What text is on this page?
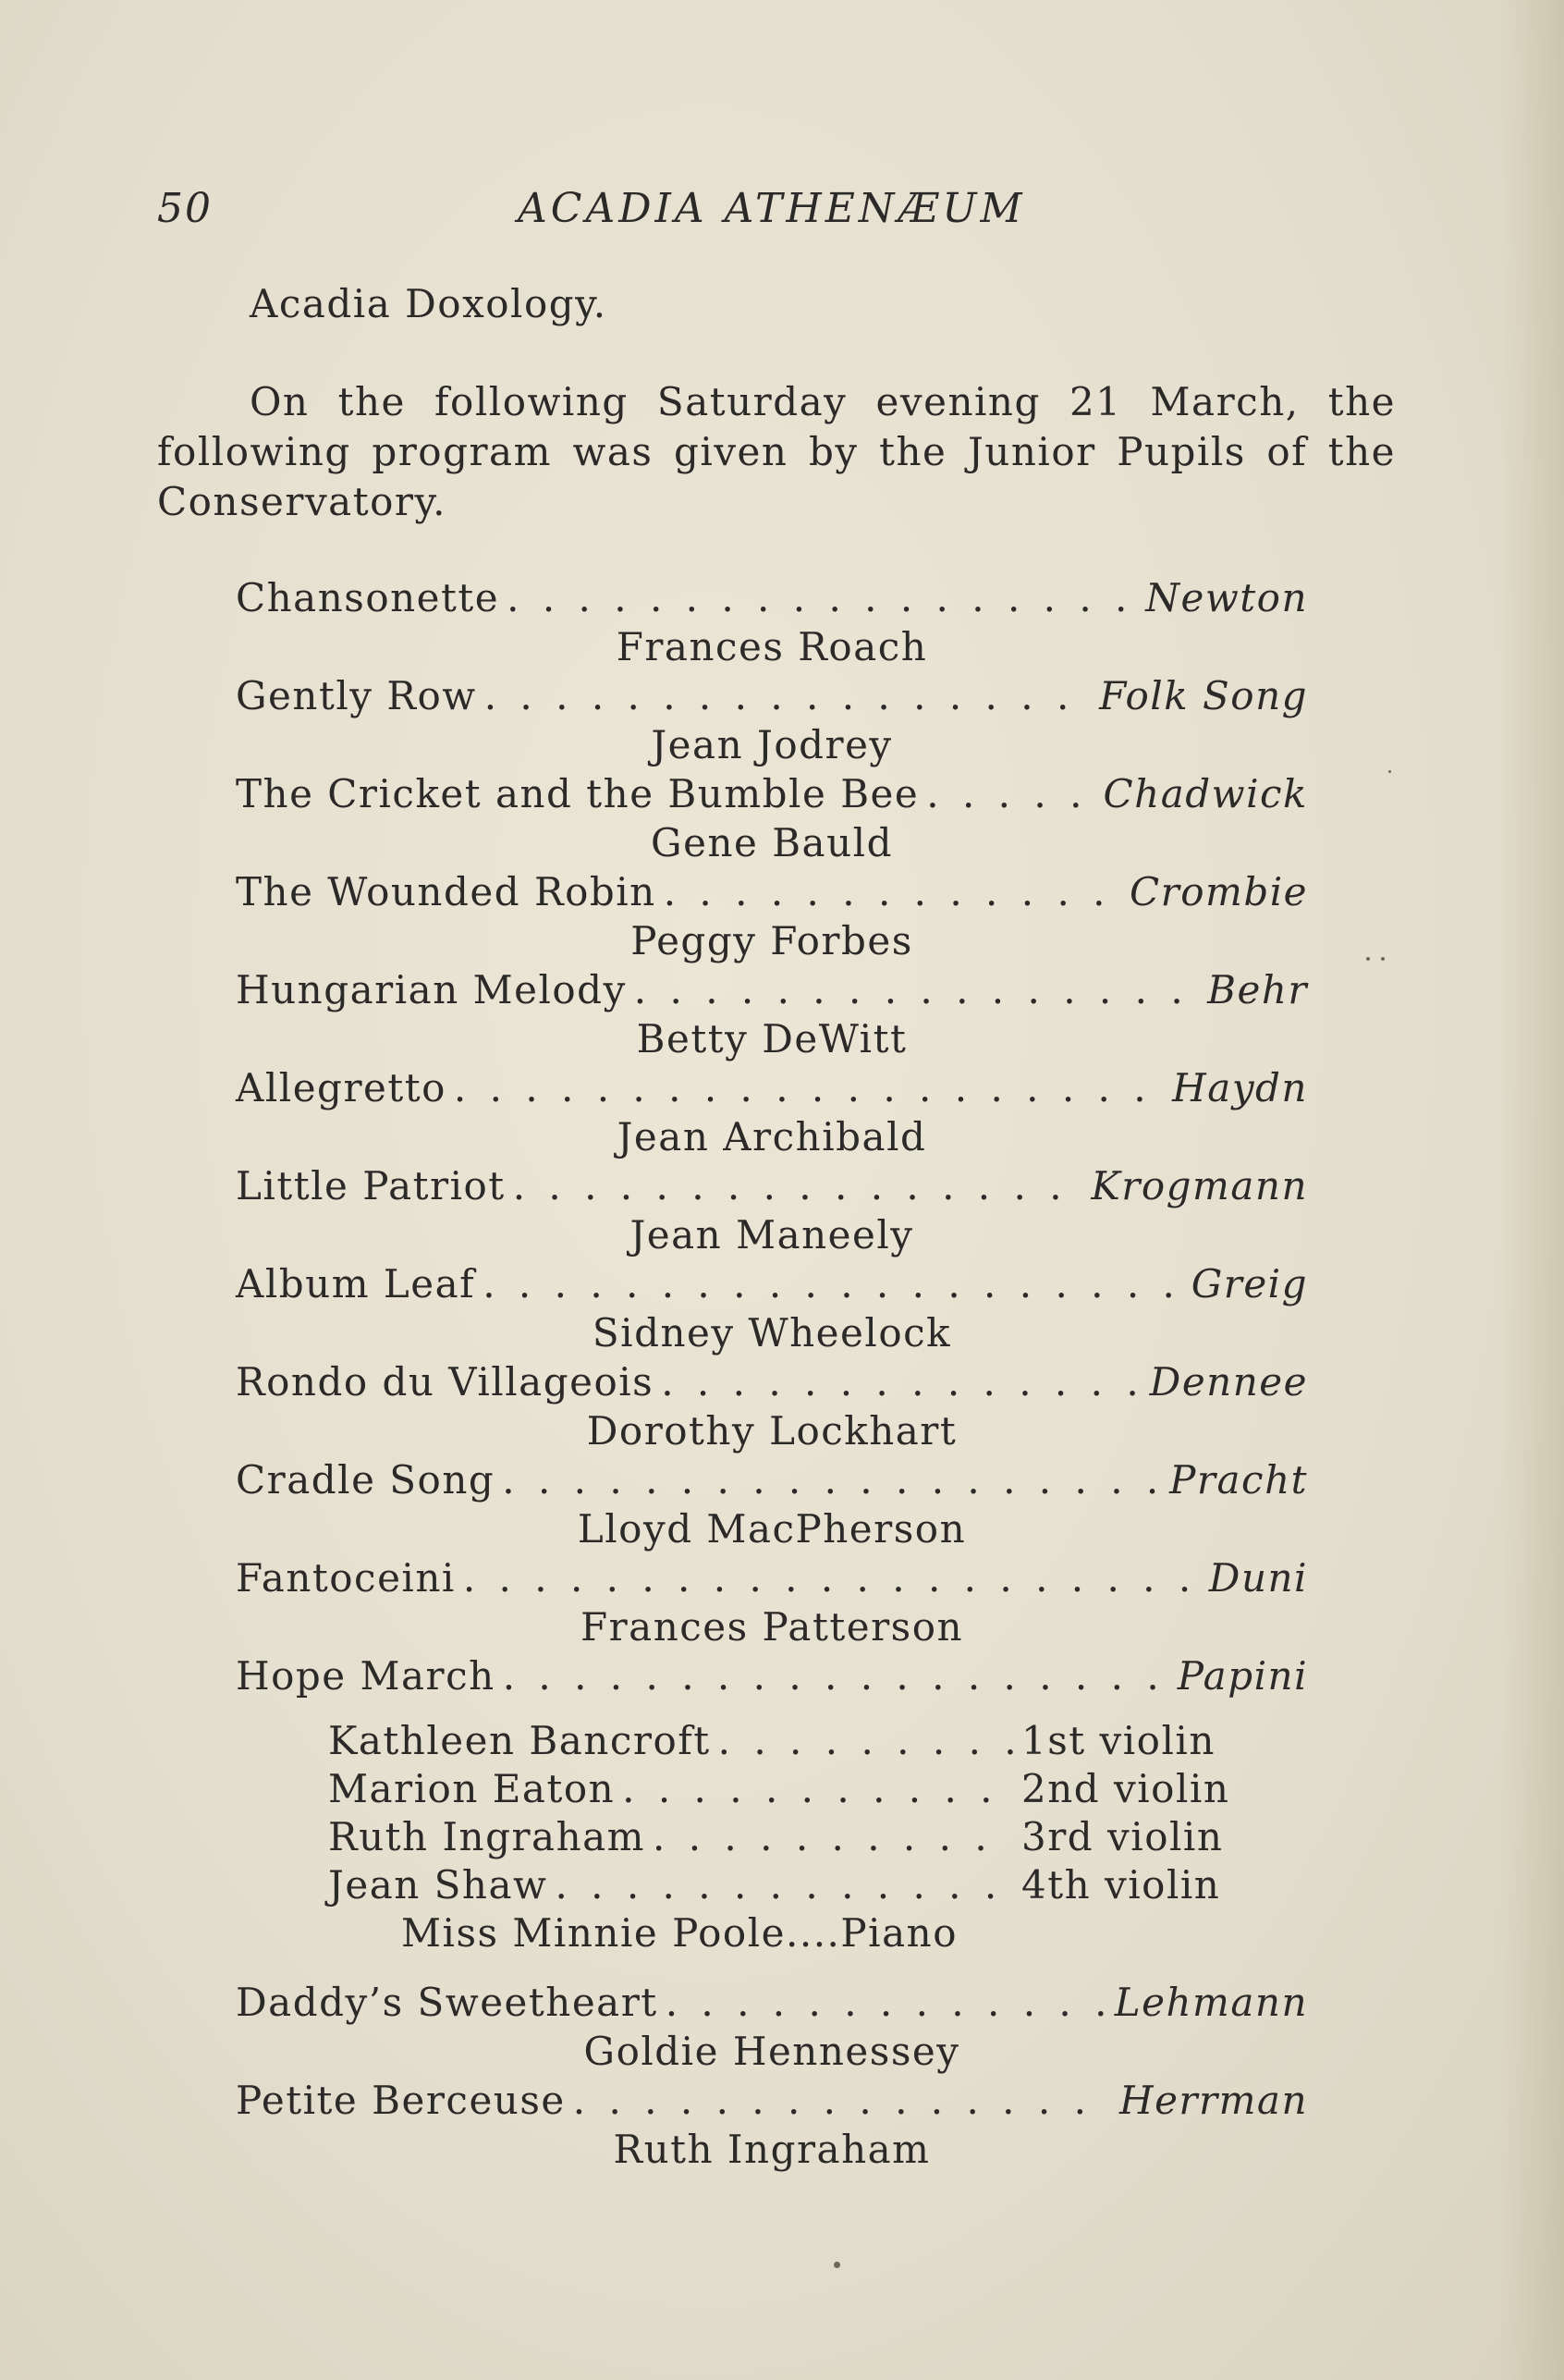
50	ACADIA ATHENÆUM
Acadia Doxology.
On the following Saturday evening 21 March, the following program was given by the Junior Pupils of the Conservatory.
Chansonette . . .	Newton
Frances Roach
Gently Row . . .	Folk Song
Jean Jodrey
The Cricket and the Bumble Bee . . .	Chadwick
Gene Bauld
The Wounded Robin . . .	Crombie
Peggy Forbes
Hungarian Melody . . .	Behr
Betty DeWitt
Allegretto . . .	Haydn
Jean Archibald
Little Patriot . . .	Krogmann
Jean Maneely
Album Leaf . . .	Greig
Sidney Wheelock
Rondo du Villageois . . .	Dennee
Dorothy Lockhart
Cradle Song . . .	Pracht
Lloyd MacPherson
Fantoceini . . .	Duni
Frances Patterson
Hope March . . .	Papini
Kathleen Bancroft . . .	1st violin
Marion Eaton . . .	2nd violin
Ruth Ingraham . . .	3rd violin
Jean Shaw . . .	4th violin
Miss Minnie Poole....Piano
Daddy’s Sweetheart . . .	Lehmann
Goldie Hennessey
Petite Berceuse . . .	Herrman
Ruth Ingraham
